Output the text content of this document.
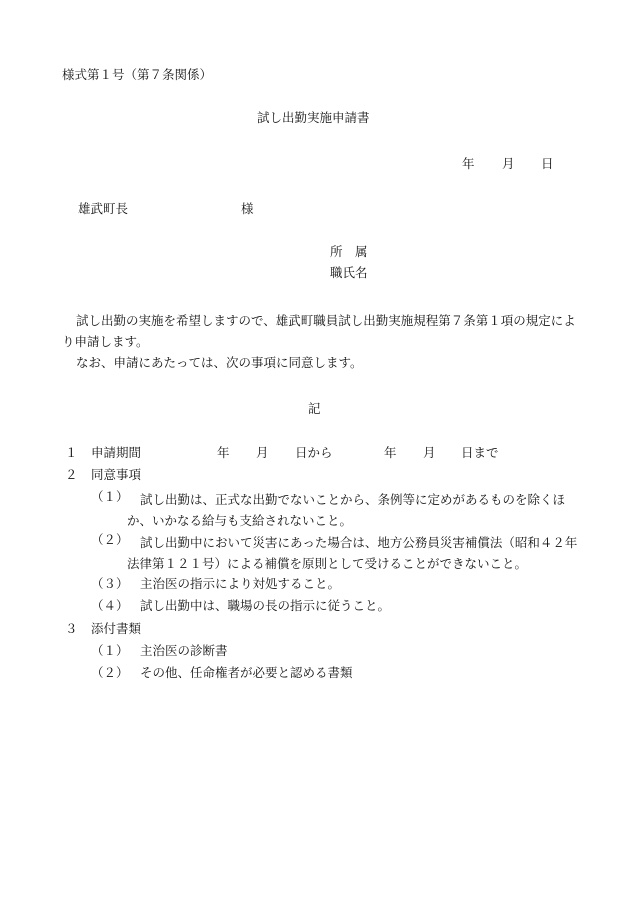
様式第１号（第７条関係）
試し出勤実施申請書
年 月 日
雄武町長	様
所　属
職氏名
試し出勤の実施を希望しますので、雄武町職員試し出勤実施規程第７条第１項の規定により申請します。
なお、申請にあたっては、次の事項に同意します。
記
１ 申請期間	年 月 日から	年 月 日まで
２ 同意事項
（１） 試し出勤は、正式な出勤でないことから、条例等に定めがあるものを除くほか、いかなる給与も支給されないこと。
（２） 試し出勤中において災害にあった場合は、地方公務員災害補償法（昭和４２年法律第１２１号）による補償を原則として受けることができないこと。
（３） 主治医の指示により対処すること。
（４） 試し出勤中は、職場の長の指示に従うこと。
３ 添付書類
（１） 主治医の診断書
（２） その他、任命権者が必要と認める書類
